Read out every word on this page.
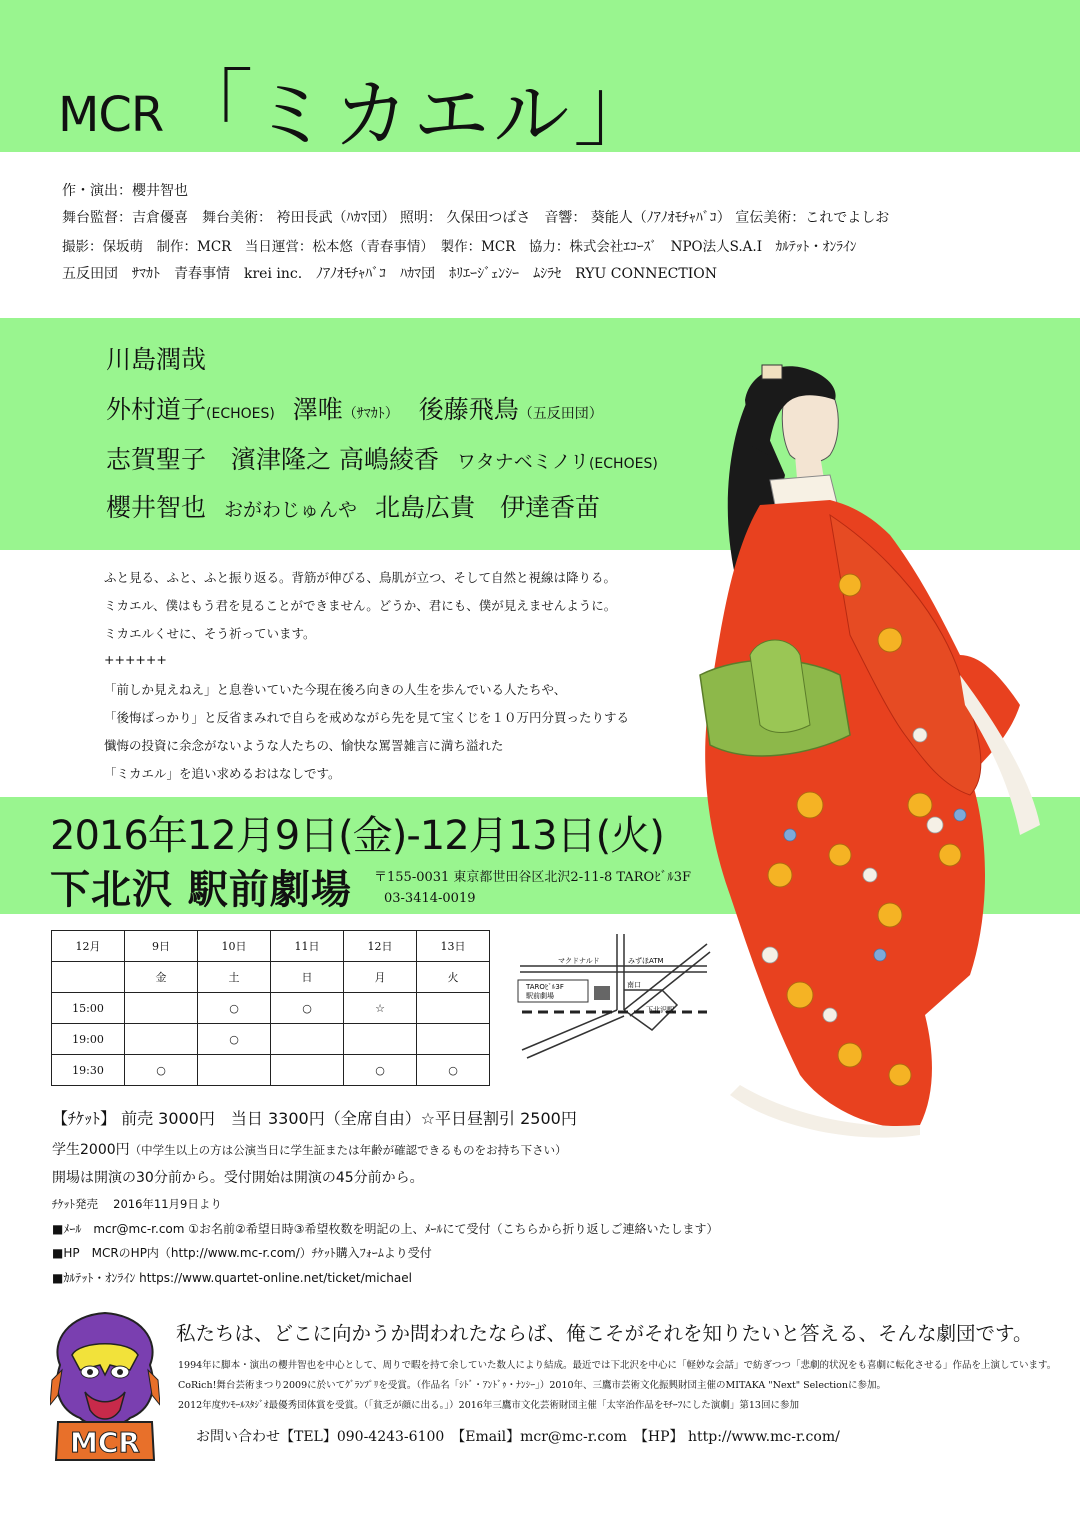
MCR 「 ミカエル 」
作・演出：櫻井智也
舞台監督：吉倉優喜　舞台美術： 袴田長武（ﾊｶﾏ団） 照明： 久保田つばさ　音響： 葵能人（ﾉｱﾉｵﾓﾁｬﾊﾞｺ） 宣伝美術：これでよしお
撮影：保坂萌　制作：MCR　当日運営：松本悠（青春事情）　製作：MCR　協力：株式会社ｴｺｰｽﾞ　NPO法人S.A.I　ｶﾙﾃｯﾄ・ｵﾝﾗｲﾝ
五反田団　ｻﾏｶﾄ　青春事情　krei inc.　ﾉｱﾉｵﾓﾁｬﾊﾞｺ　ﾊｶﾏ団　ﾎﾘｴｰｼﾞｪﾝｼｰ　ﾑｼﾗｾ　RYU CONNECTION
川島潤哉
外村道子(ECHOES) 澤唯（ｻﾏｶﾄ） 後藤飛鳥（五反田団）
志賀聖子　濱津隆之 高嶋綾香 ワタナベミノリ(ECHOES)
櫻井智也 おがわじゅんや 北島広貴　伊達香苗
ふと見る、ふと、ふと振り返る。背筋が伸びる、鳥肌が立つ、そして自然と視線は降りる。
ミカエル、僕はもう君を見ることができません。どうか、君にも、僕が見えませんように。
ミカエルくせに、そう祈っています。
++++++
「前しか見えねえ」と息巻いていた今現在後ろ向きの人生を歩んでいる人たちや、
「後悔ばっかり」と反省まみれで自らを戒めながら先を見て宝くじを１０万円分買ったりする
懺悔の投資に余念がないような人たちの、愉快な罵詈雑言に満ち溢れた
「ミカエル」を追い求めるおはなしです。
2016年12月9日(金)-12月13日(火)
下北沢 駅前劇場 〒155-0031 東京都世田谷区北沢2-11-8 TAROﾋﾞﾙ3F
03-3414-0019
12月	9日	10日	11日	12日	13日
	金	土	日	月	火
15:00		○	○	☆	
19:00		○			
19:30	○			○	○
TAROﾋﾞﾙ3F
駅前劇場
マクドナルド	みずほATM
南口
下北沢駅
【ﾁｹｯﾄ】 前売 3000円　当日 3300円（全席自由）☆平日昼割引 2500円
学生2000円（中学生以上の方は公演当日に学生証または年齢が確認できるものをお持ち下さい）
開場は開演の30分前から。受付開始は開演の45分前から。
ﾁｹｯﾄ発売　 2016年11月9日より
■ﾒｰﾙ　mcr@mc-r.com ①お名前②希望日時③希望枚数を明記の上、ﾒｰﾙにて受付（こちらから折り返しご連絡いたします）
■HP　MCRのHP内（http://www.mc-r.com/）ﾁｹｯﾄ購入ﾌｫｰﾑより受付
■ｶﾙﾃｯﾄ・ｵﾝﾗｲﾝ https://www.quartet-online.net/ticket/michael
MCR
私たちは、どこに向かうか問われたならば、俺こそがそれを知りたいと答える、そんな劇団です。
1994年に脚本・演出の櫻井智也を中心として、周りで暇を持て余していた数人により結成。最近では下北沢を中心に「軽妙な会話」で紡ぎつつ「悲劇的状況をも喜劇に転化させる」作品を上演しています。
CoRich!舞台芸術まつり2009に於いてｸﾞﾗﾝﾌﾟﾘを受賞。（作品名「ｼﾄﾞ・ｱﾝﾄﾞｩ・ﾅﾝｼｰ」）2010年、三鷹市芸術文化振興財団主催のMITAKA "Next" Selectionに参加。
2012年度ｻﾝﾓｰﾙｽﾀｼﾞｵ最優秀団体賞を受賞。（「貧乏が顔に出る。」）2016年三鷹市文化芸術財団主催「太宰治作品をﾓﾁｰﾌにした演劇」第13回に参加
お問い合わせ【TEL】090-4243-6100　【Email】mcr@mc-r.com　【HP】 http://www.mc-r.com/
